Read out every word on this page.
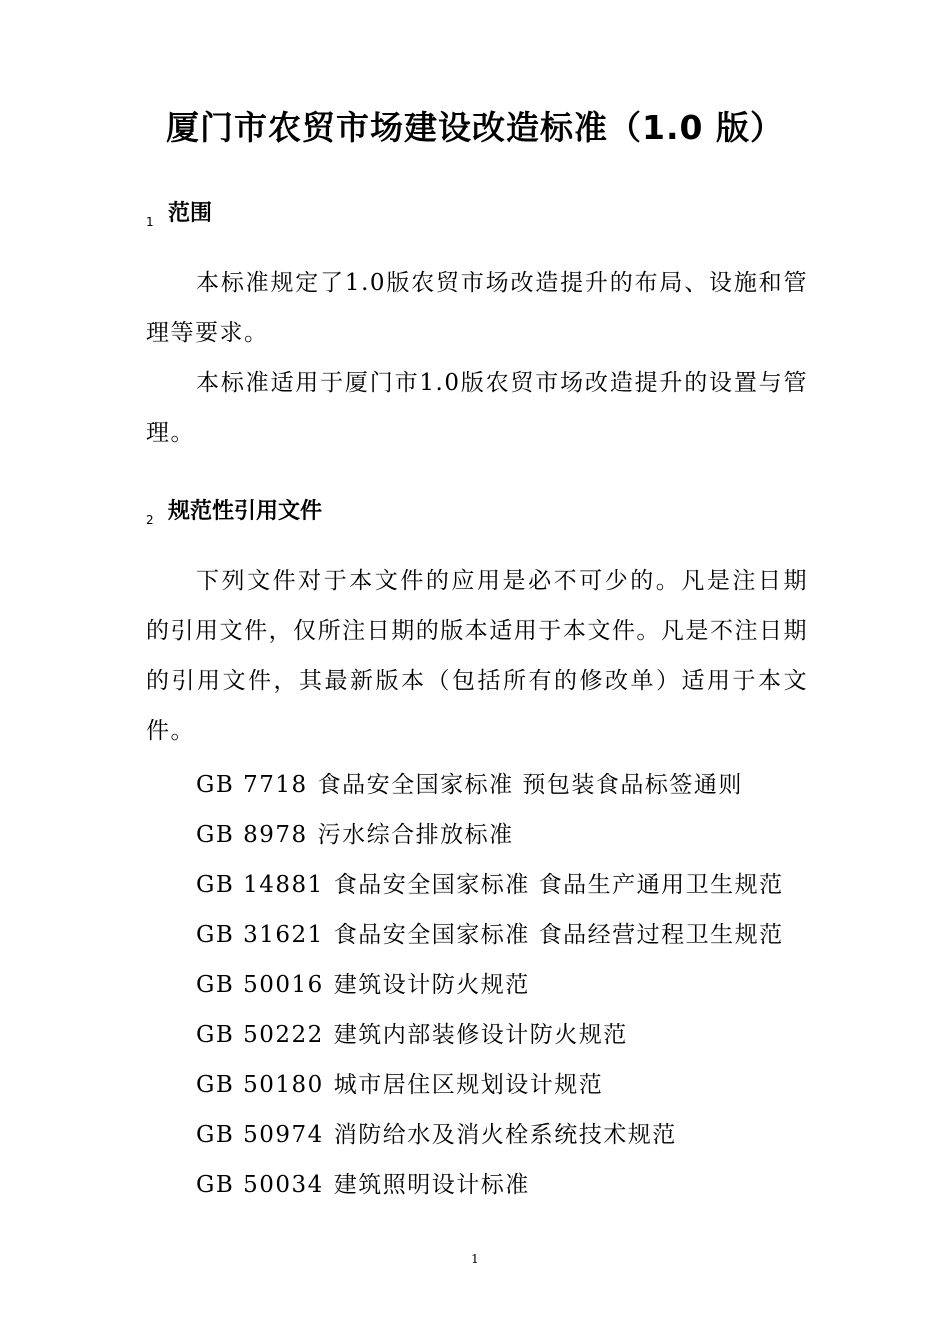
厦门市农贸市场建设改造标准（1.0 版）
1 范围

本标准规定了1.0版农贸市场改造提升的布局、设施和管理等要求。

本标准适用于厦门市1.0版农贸市场改造提升的设置与管理。

2 规范性引用文件

下列文件对于本文件的应用是必不可少的。凡是注日期的引用文件，仅所注日期的版本适用于本文件。凡是不注日期的引用文件，其最新版本（包括所有的修改单）适用于本文件。

GB 7718 食品安全国家标准 预包装食品标签通则
GB 8978 污水综合排放标准
GB 14881 食品安全国家标准 食品生产通用卫生规范
GB 31621 食品安全国家标准 食品经营过程卫生规范
GB 50016 建筑设计防火规范
GB 50222 建筑内部装修设计防火规范
GB 50180 城市居住区规划设计规范
GB 50974 消防给水及消火栓系统技术规范
GB 50034 建筑照明设计标准
1
